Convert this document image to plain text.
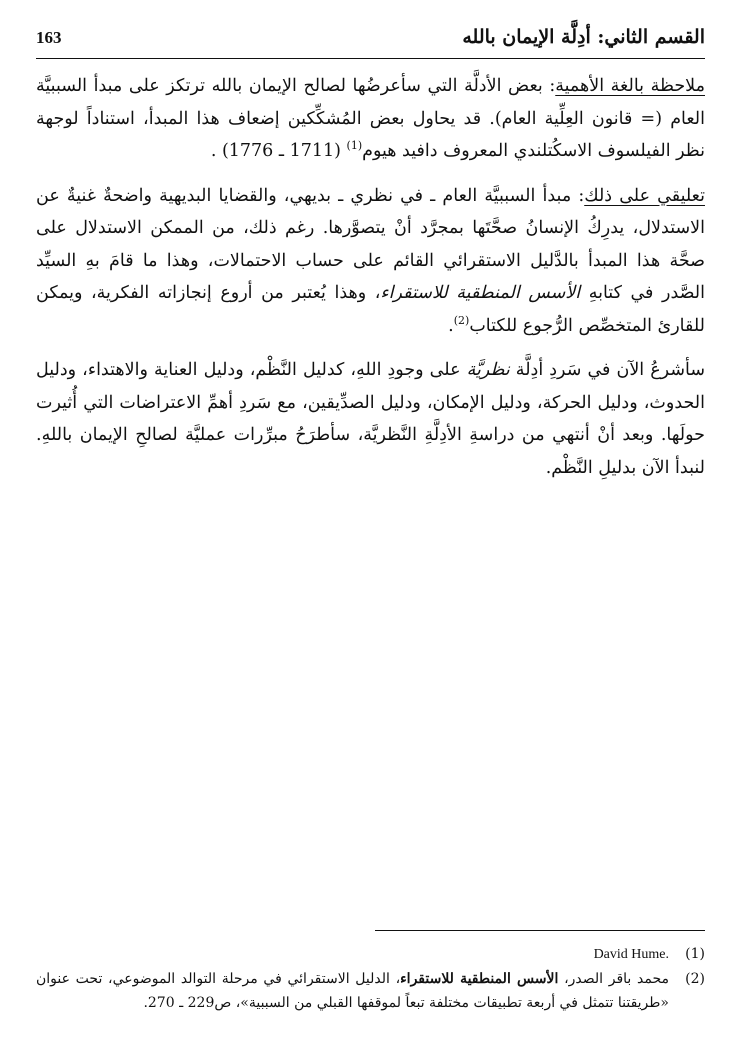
القسم الثاني: أدِلَّة الإيمان بالله
163

ملاحظة بالغة الأهمية: بعض الأدلَّة التي سأعرضُها لصالح الإيمان بالله ترتكز على مبدأ السببيَّة العام (= قانون العِلِّية العام). قد يحاول بعض المُشكِّكين إضعاف هذا المبدأ، استناداً لوجهة نظر الفيلسوف الاسكُتلندي المعروف دافيد هيوم$^{(1)}$ (1711 ـ 1776) .

تعليقي على ذلك: مبدأ السببيَّة العام ـ في نظري ـ بديهي، والقضايا البديهية واضحةٌ غنيةٌ عن الاستدلال، يدرِكُ الإنسانُ صحَّتَها بمجرَّد أنْ يتصوَّرها. رغم ذلك، من الممكن الاستدلال على صحَّة هذا المبدأ بالدَّليل الاستقرائي القائم على حساب الاحتمالات، وهذا ما قامَ بهِ السيِّد الصَّدر في كتابهِ الأسس المنطقية للاستقراء، وهذا يُعتبر من أروع إنجازاته الفكرية، ويمكن للقارئ المتخصِّص الرُّجوع للكتاب$^{(2)}$.

سأشرعُ الآن في سَردِ أدِلَّة نظريَّة على وجودِ اللهِ، كدليل النَّظْم، ودليل العناية والاهتداء، ودليل الحدوث، ودليل الحركة، ودليل الإمكان، ودليل الصدِّيقين، مع سَردِ أهمِّ الاعتراضات التي أُثيرت حولَها. وبعد أنْ أنتهي من دراسةِ الأدِلَّةِ النَّظريَّة، سأطرَحُ مبرِّرات عمليَّة لصالحِ الإيمان باللهِ. لنبدأ الآن بدليلِ النَّظْم.

(1)
David Hume.
(2)
محمد باقر الصدر، الأسس المنطقية للاستقراء، الدليل الاستقرائي في مرحلة التوالد الموضوعي، تحت عنوان «طريقتنا تتمثل في أربعة تطبيقات مختلفة تبعاً لموقفها القبلي من السببية»، ص229 ـ 270.
